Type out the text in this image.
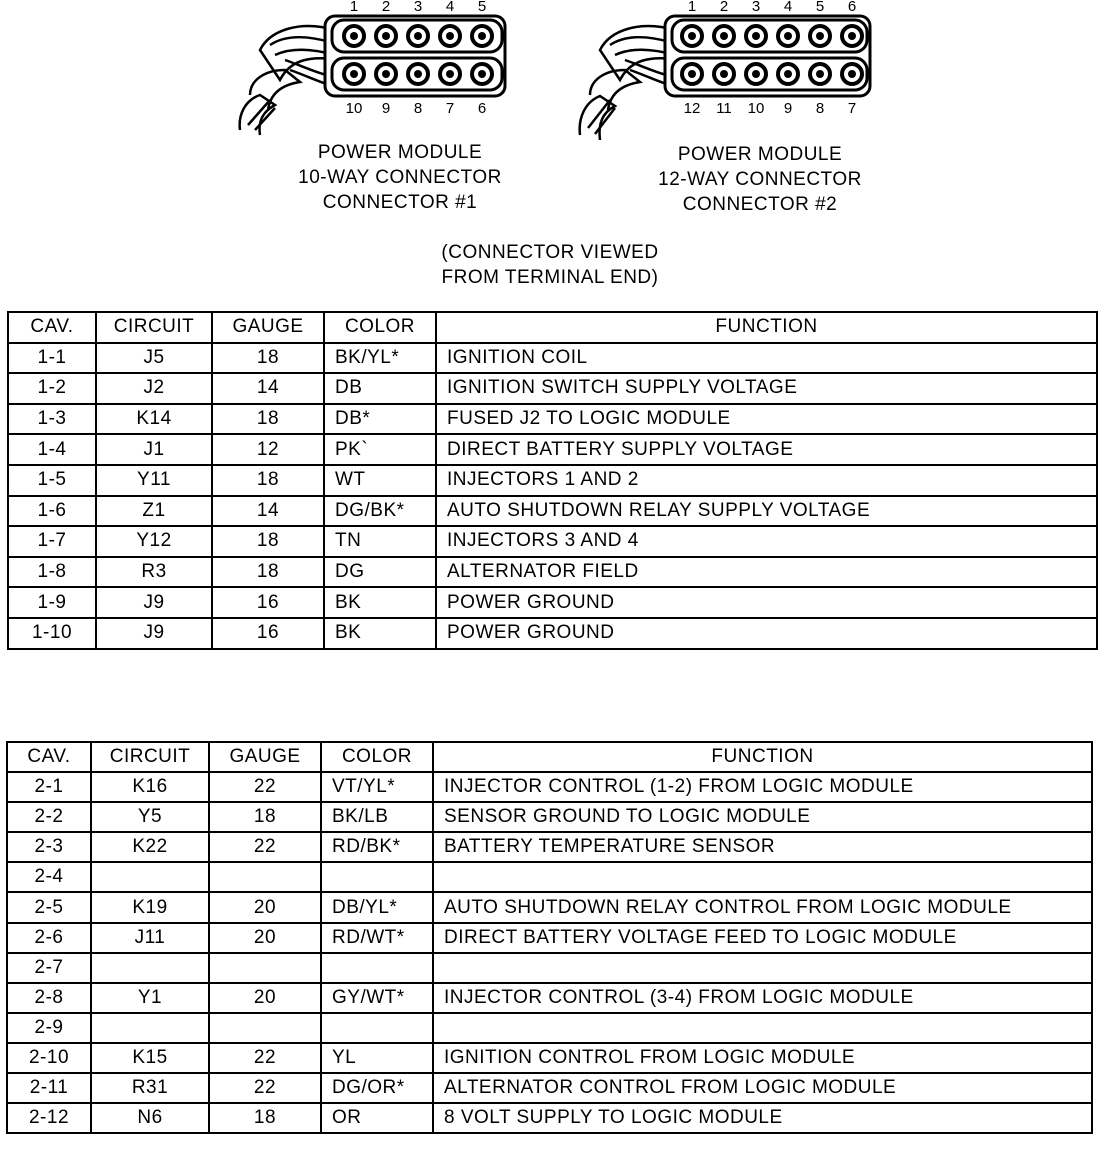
1	2	3	4	5
10	9	8	7	6
POWER MODULE
10-WAY CONNECTOR
CONNECTOR #1
1	2	3	4	5	6
12 11 10	9	8	7
POWER MODULE
12-WAY CONNECTOR
CONNECTOR #2
(CONNECTOR VIEWED
FROM TERMINAL END)
CAV.	CIRCUIT	GAUGE	COLOR	FUNCTION
1-1	J5	18	BK/YL*	IGNITION COIL
1-2	J2	14	DB	IGNITION SWITCH SUPPLY VOLTAGE
1-3	K14	18	DB*	FUSED J2 TO LOGIC MODULE
1-4	J1	12	PK`	DIRECT BATTERY SUPPLY VOLTAGE
1-5	Y11	18	WT	INJECTORS 1 AND 2
1-6	Z1	14	DG/BK*	AUTO SHUTDOWN RELAY SUPPLY VOLTAGE
1-7	Y12	18	TN	INJECTORS 3 AND 4
1-8	R3	18	DG	ALTERNATOR FIELD
1-9	J9	16	BK	POWER GROUND
1-10	J9	16	BK	POWER GROUND
CAV.	CIRCUIT	GAUGE	COLOR	FUNCTION
2-1	K16	22	VT/YL*	INJECTOR CONTROL (1-2) FROM LOGIC MODULE
2-2	Y5	18	BK/LB	SENSOR GROUND TO LOGIC MODULE
2-3	K22	22	RD/BK*	BATTERY TEMPERATURE SENSOR
2-4				
2-5	K19	20	DB/YL*	AUTO SHUTDOWN RELAY CONTROL FROM LOGIC MODULE
2-6	J11	20	RD/WT*	DIRECT BATTERY VOLTAGE FEED TO LOGIC MODULE
2-7				
2-8	Y1	20	GY/WT*	INJECTOR CONTROL (3-4) FROM LOGIC MODULE
2-9				
2-10	K15	22	YL	IGNITION CONTROL FROM LOGIC MODULE
2-11	R31	22	DG/OR*	ALTERNATOR CONTROL FROM LOGIC MODULE
2-12	N6	18	OR	8 VOLT SUPPLY TO LOGIC MODULE
